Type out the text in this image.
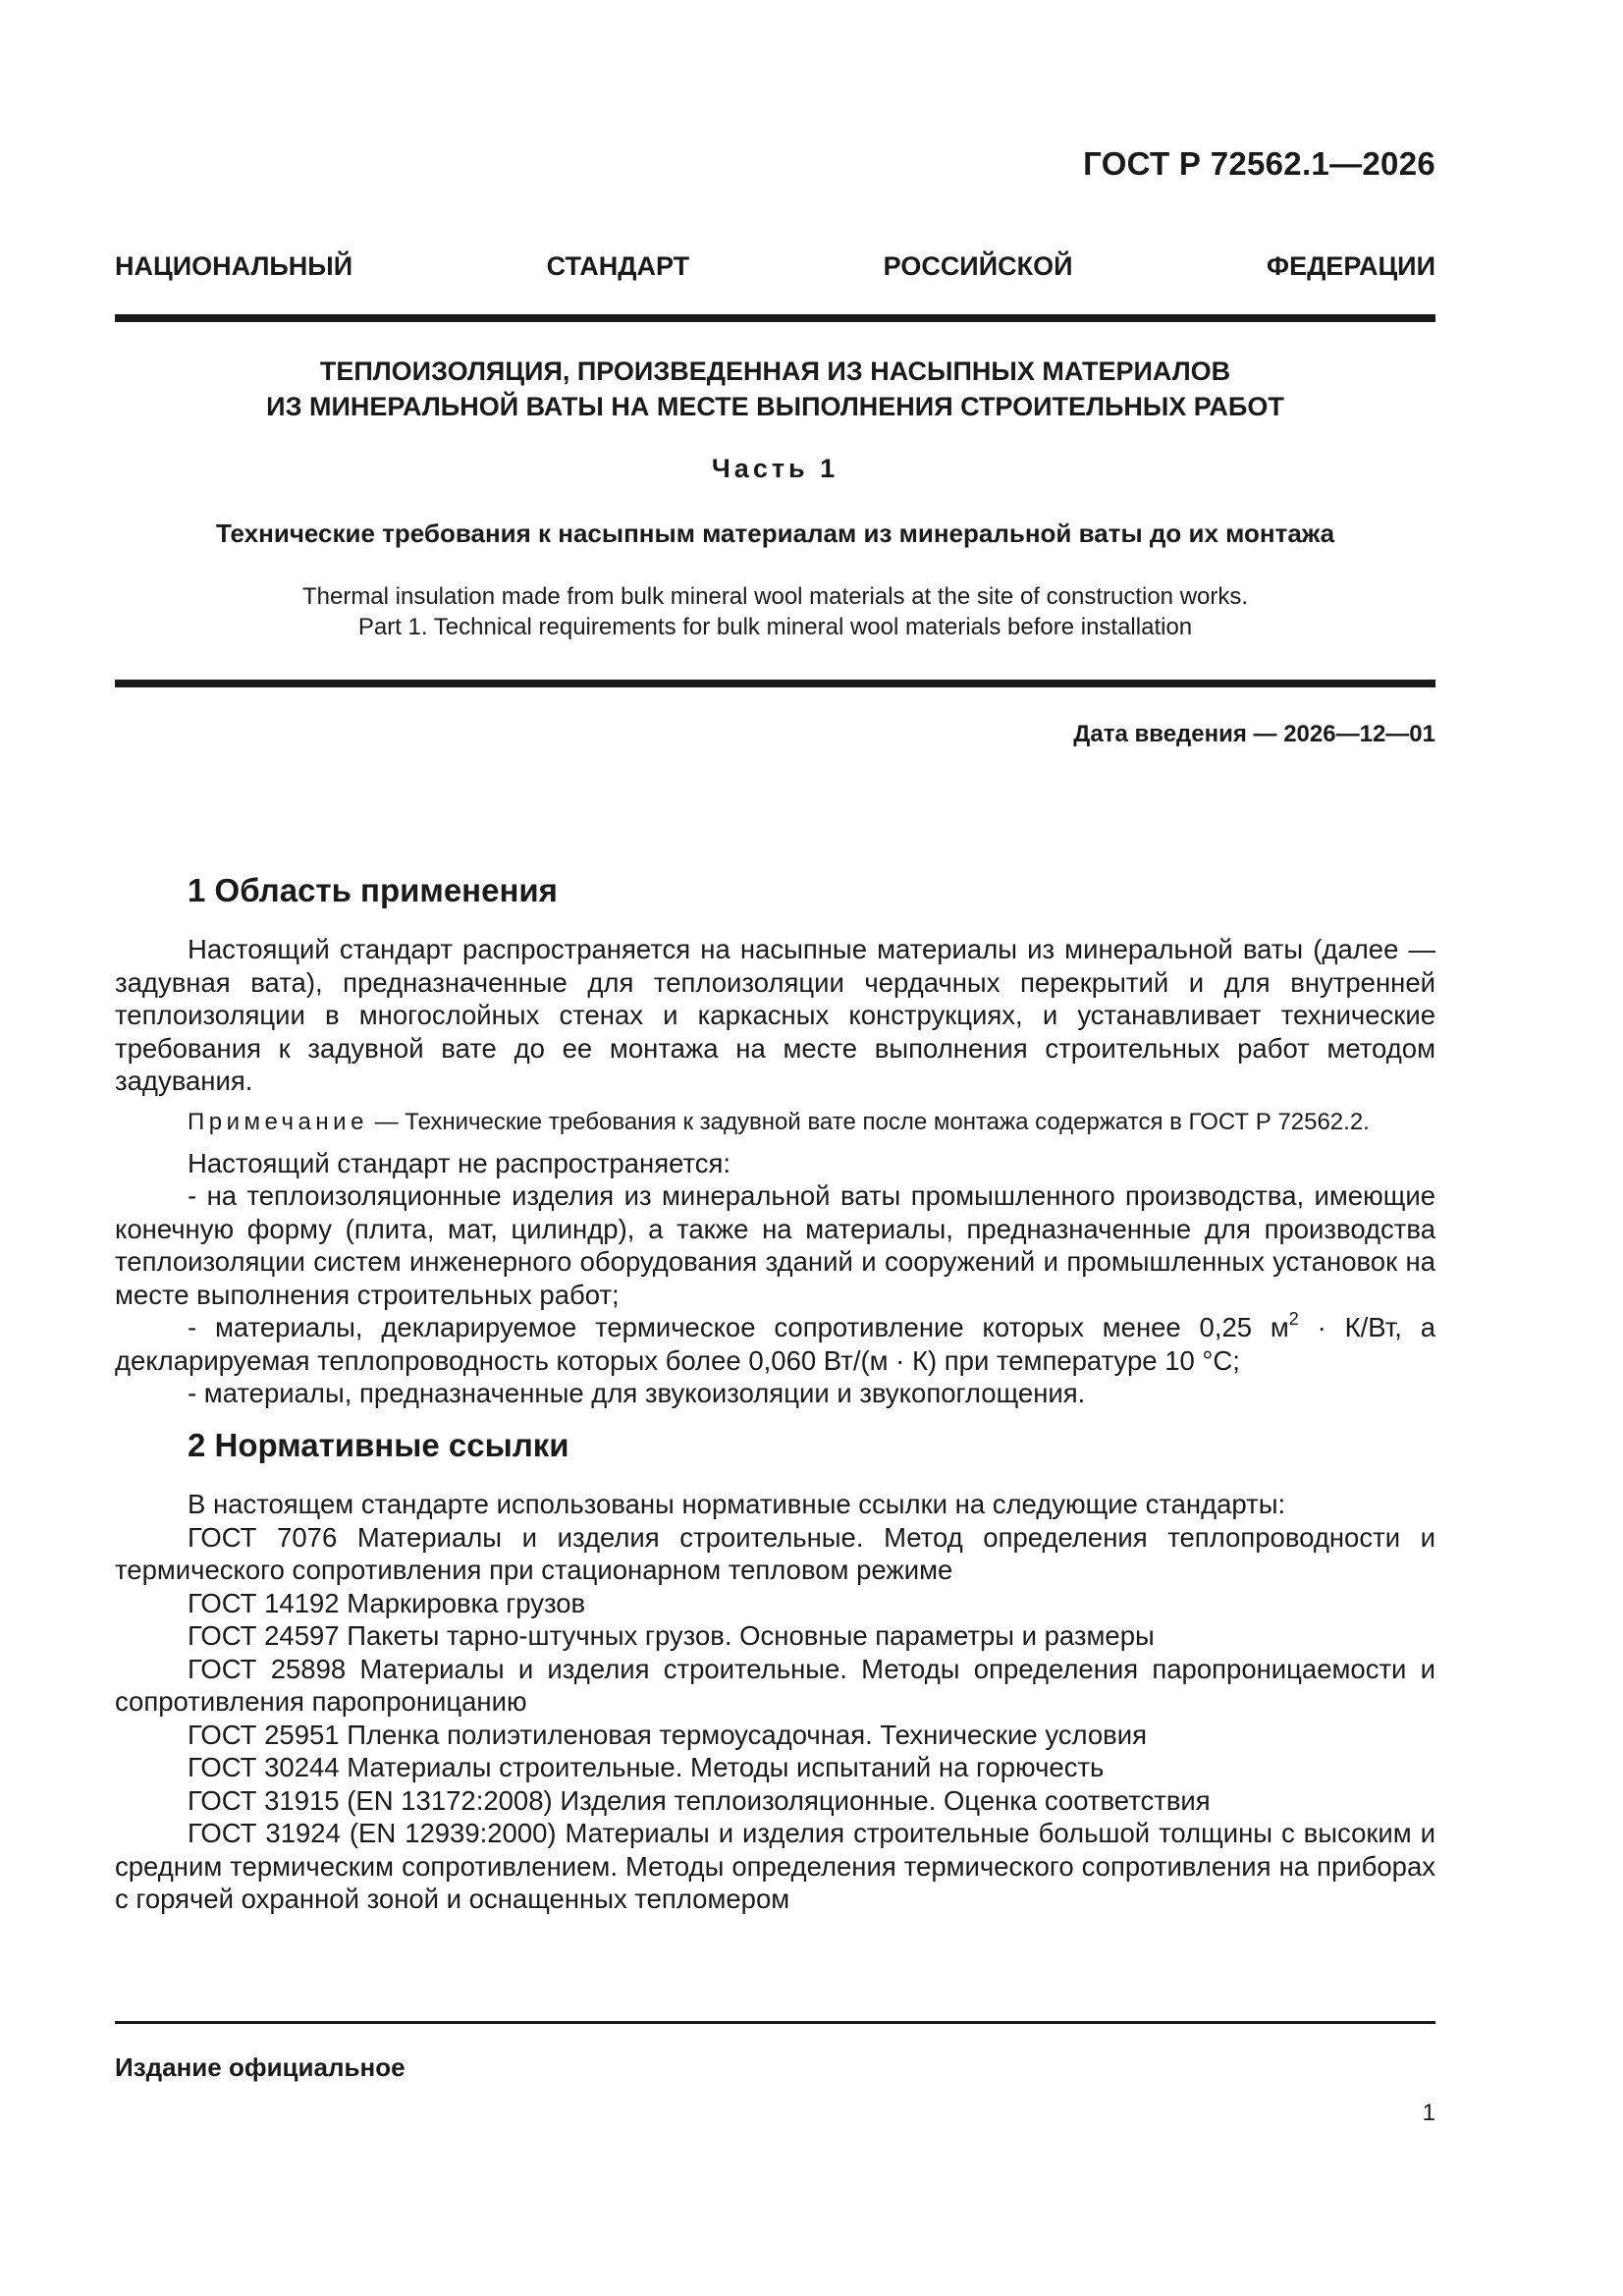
ГОСТ Р 72562.1—2026
НАЦИОНАЛЬНЫЙ СТАНДАРТ РОССИЙСКОЙ ФЕДЕРАЦИИ
ТЕПЛОИЗОЛЯЦИЯ, ПРОИЗВЕДЕННАЯ ИЗ НАСЫПНЫХ МАТЕРИАЛОВ
ИЗ МИНЕРАЛЬНОЙ ВАТЫ НА МЕСТЕ ВЫПОЛНЕНИЯ СТРОИТЕЛЬНЫХ РАБОТ
Часть 1
Технические требования к насыпным материалам из минеральной ваты до их монтажа
Thermal insulation made from bulk mineral wool materials at the site of construction works.
Part 1. Technical requirements for bulk mineral wool materials before installation
Дата введения — 2026—12—01
1 Область применения

Настоящий стандарт распространяется на насыпные материалы из минеральной ваты (далее — задувная вата), предназначенные для теплоизоляции чердачных перекрытий и для внутренней теплоизоляции в многослойных стенах и каркасных конструкциях, и устанавливает технические требования к задувной вате до ее монтажа на месте выполнения строительных работ методом задувания.

Примечание — Технические требования к задувной вате после монтажа содержатся в ГОСТ Р 72562.2.

Настоящий стандарт не распространяется:

- на теплоизоляционные изделия из минеральной ваты промышленного производства, имеющие конечную форму (плита, мат, цилиндр), а также на материалы, предназначенные для производства теплоизоляции систем инженерного оборудования зданий и сооружений и промышленных установок на месте выполнения строительных работ;

- материалы, декларируемое термическое сопротивление которых менее 0,25 $м^2 \cdot К/Вт$, а декларируемая теплопроводность которых более 0,060 Вт/(м · К) при температуре 10 °С;

- материалы, предназначенные для звукоизоляции и звукопоглощения.

2 Нормативные ссылки

В настоящем стандарте использованы нормативные ссылки на следующие стандарты:

ГОСТ 7076 Материалы и изделия строительные. Метод определения теплопроводности и термического сопротивления при стационарном тепловом режиме

ГОСТ 14192 Маркировка грузов

ГОСТ 24597 Пакеты тарно-штучных грузов. Основные параметры и размеры

ГОСТ 25898 Материалы и изделия строительные. Методы определения паропроницаемости и сопротивления паропроницанию

ГОСТ 25951 Пленка полиэтиленовая термоусадочная. Технические условия

ГОСТ 30244 Материалы строительные. Методы испытаний на горючесть

ГОСТ 31915 (EN 13172:2008) Изделия теплоизоляционные. Оценка соответствия

ГОСТ 31924 (EN 12939:2000) Материалы и изделия строительные большой толщины с высоким и средним термическим сопротивлением. Методы определения термического сопротивления на приборах с горячей охранной зоной и оснащенных тепломером

Издание официальное
1
